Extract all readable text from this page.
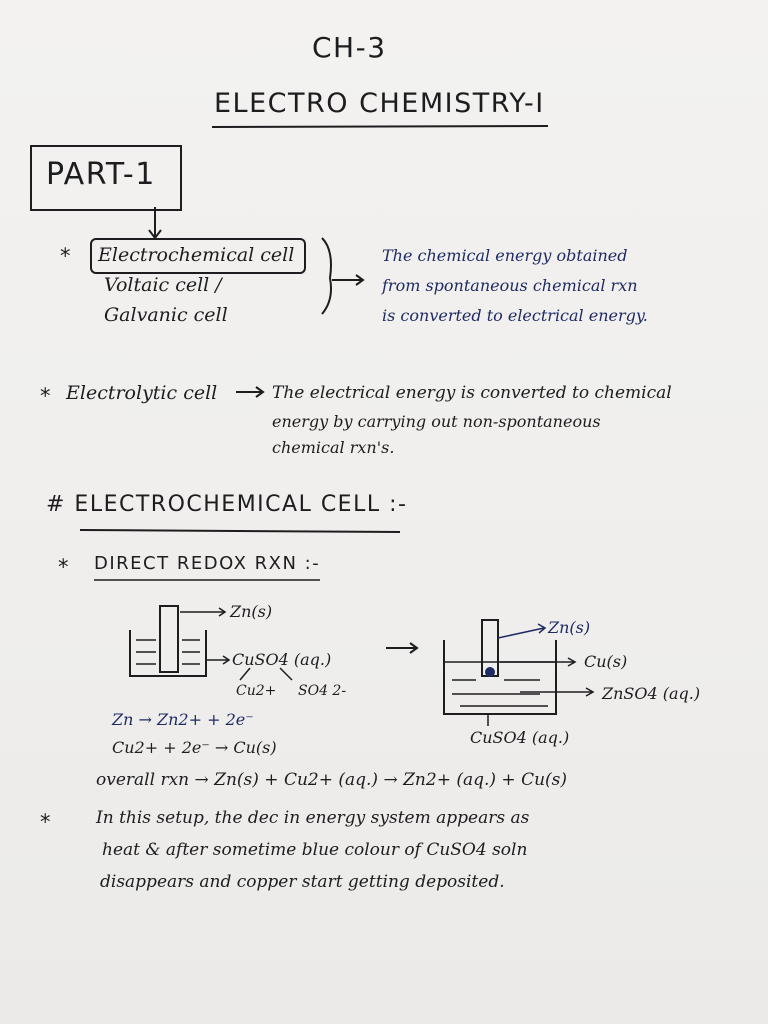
CH-3
ELECTRO CHEMISTRY-I
PART-1
* Electrochemical cell
Voltaic cell /
Galvanic cell
The chemical energy obtained
from spontaneous chemical rxn
is converted to electrical energy.
* Electrolytic cell	The electrical energy is converted to chemical
energy by carrying out non-spontaneous
chemical rxn's.
# ELECTROCHEMICAL CELL :-
* DIRECT REDOX RXN :-
Zn(s)
CuSO4 (aq.)
Cu2+ SO4 2-
Zn(s)
Cu(s)
ZnSO4 (aq.)
CuSO4 (aq.)
Zn → Zn2+ + 2e⁻
Cu2+ + 2e⁻ → Cu(s)
overall rxn → Zn(s) + Cu2+ (aq.) → Zn2+ (aq.) + Cu(s)
*	In this setup, the dec in energy system appears as
heat & after sometime blue colour of CuSO4 soln
disappears and copper start getting deposited.
